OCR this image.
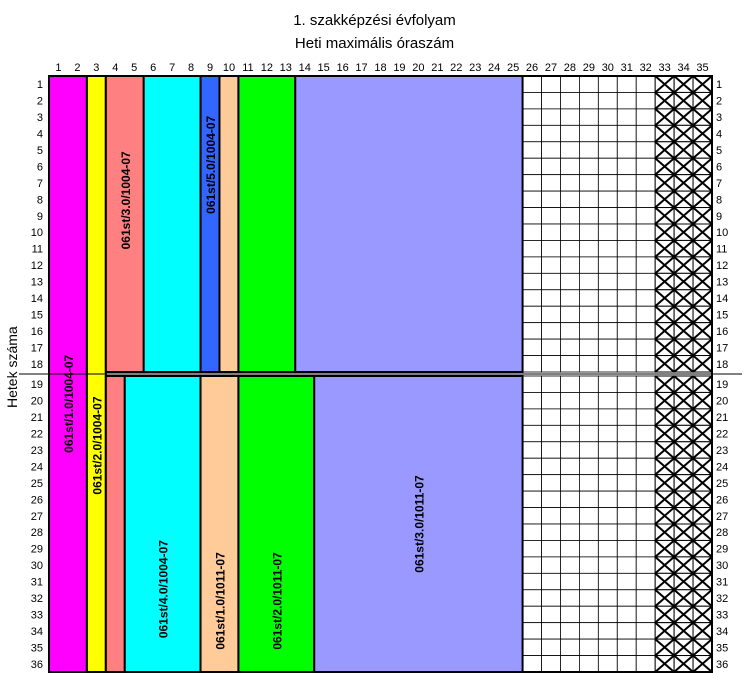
1. szakképzési évfolyam
Heti maximális óraszám
Hetek száma	061st/1.0/1004-07 061st/2.0/1004-07
061st/3.0/1004-07
061st/4.0/1004-07
061st/5.0/1004-07
061st/1.0/1011-07	061st/2.0/1011-07
061st/3.0/1011-07
1 2 3 4 5 6 7 8 9 10 11 12 13 14 15 16 17 18 19 20 21 22 23 24 25 26 27 28 29 30 31 32 33 34 35
1	1
2	2
3	3
4	4
5	5
6	6
7	7
8	8
9	9
10	10
11	11
12	12
13	13
14	14
15	15
16	16
17	17
18	18
19	19
20	20
21	21
22	22
23	23
24	24
25	25
26	26
27	27
28	28
29	29
30	30
31	31
32	32
33	33
34	34
35	35
36	36
